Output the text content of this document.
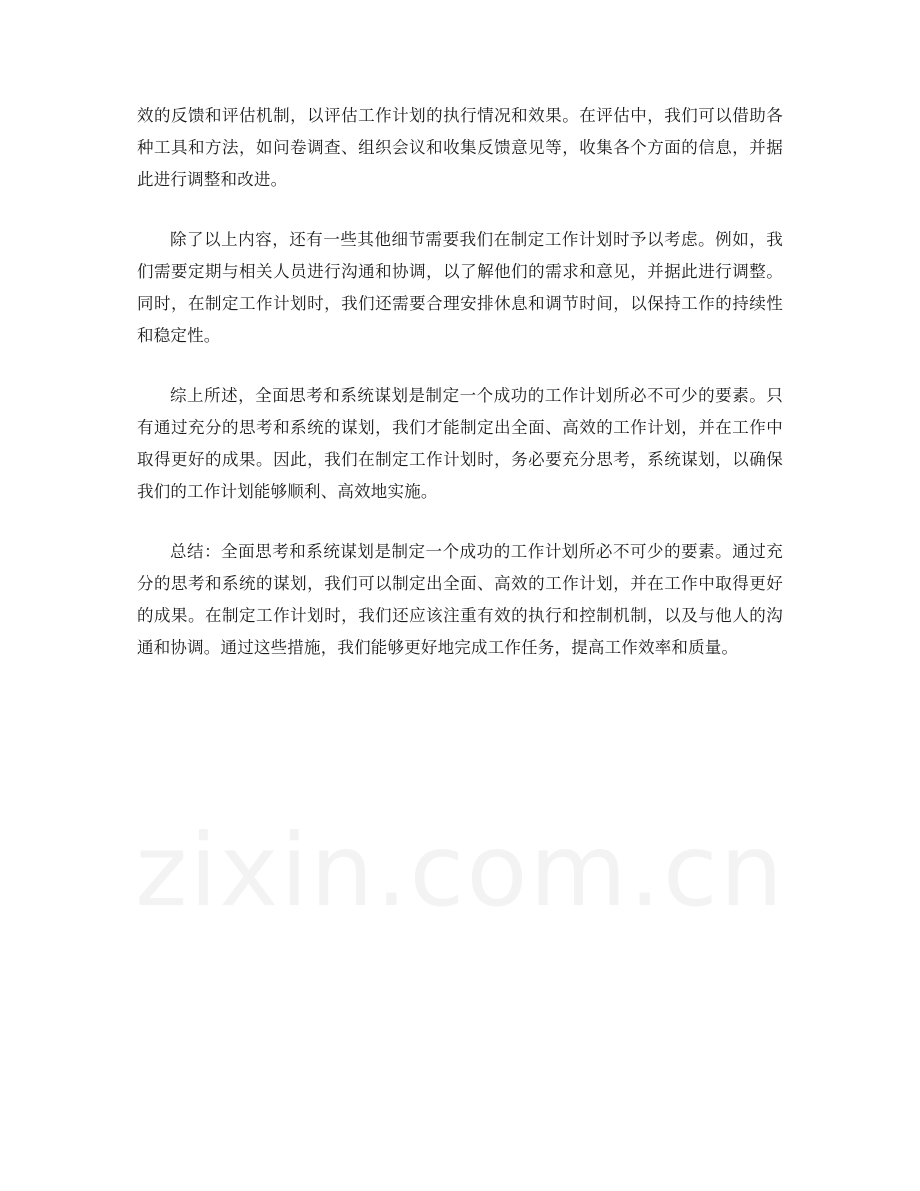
效的反馈和评估机制，以评估工作计划的执行情况和效果。在评估中，我们可以借助各种工具和方法，如问卷调查、组织会议和收集反馈意见等，收集各个方面的信息，并据此进行调整和改进。

除了以上内容，还有一些其他细节需要我们在制定工作计划时予以考虑。例如，我们需要定期与相关人员进行沟通和协调，以了解他们的需求和意见，并据此进行调整。同时，在制定工作计划时，我们还需要合理安排休息和调节时间，以保持工作的持续性和稳定性。

综上所述，全面思考和系统谋划是制定一个成功的工作计划所必不可少的要素。只有通过充分的思考和系统的谋划，我们才能制定出全面、高效的工作计划，并在工作中取得更好的成果。因此，我们在制定工作计划时，务必要充分思考，系统谋划，以确保我们的工作计划能够顺利、高效地实施。

总结：全面思考和系统谋划是制定一个成功的工作计划所必不可少的要素。通过充分的思考和系统的谋划，我们可以制定出全面、高效的工作计划，并在工作中取得更好的成果。在制定工作计划时，我们还应该注重有效的执行和控制机制，以及与他人的沟通和协调。通过这些措施，我们能够更好地完成工作任务，提高工作效率和质量。
